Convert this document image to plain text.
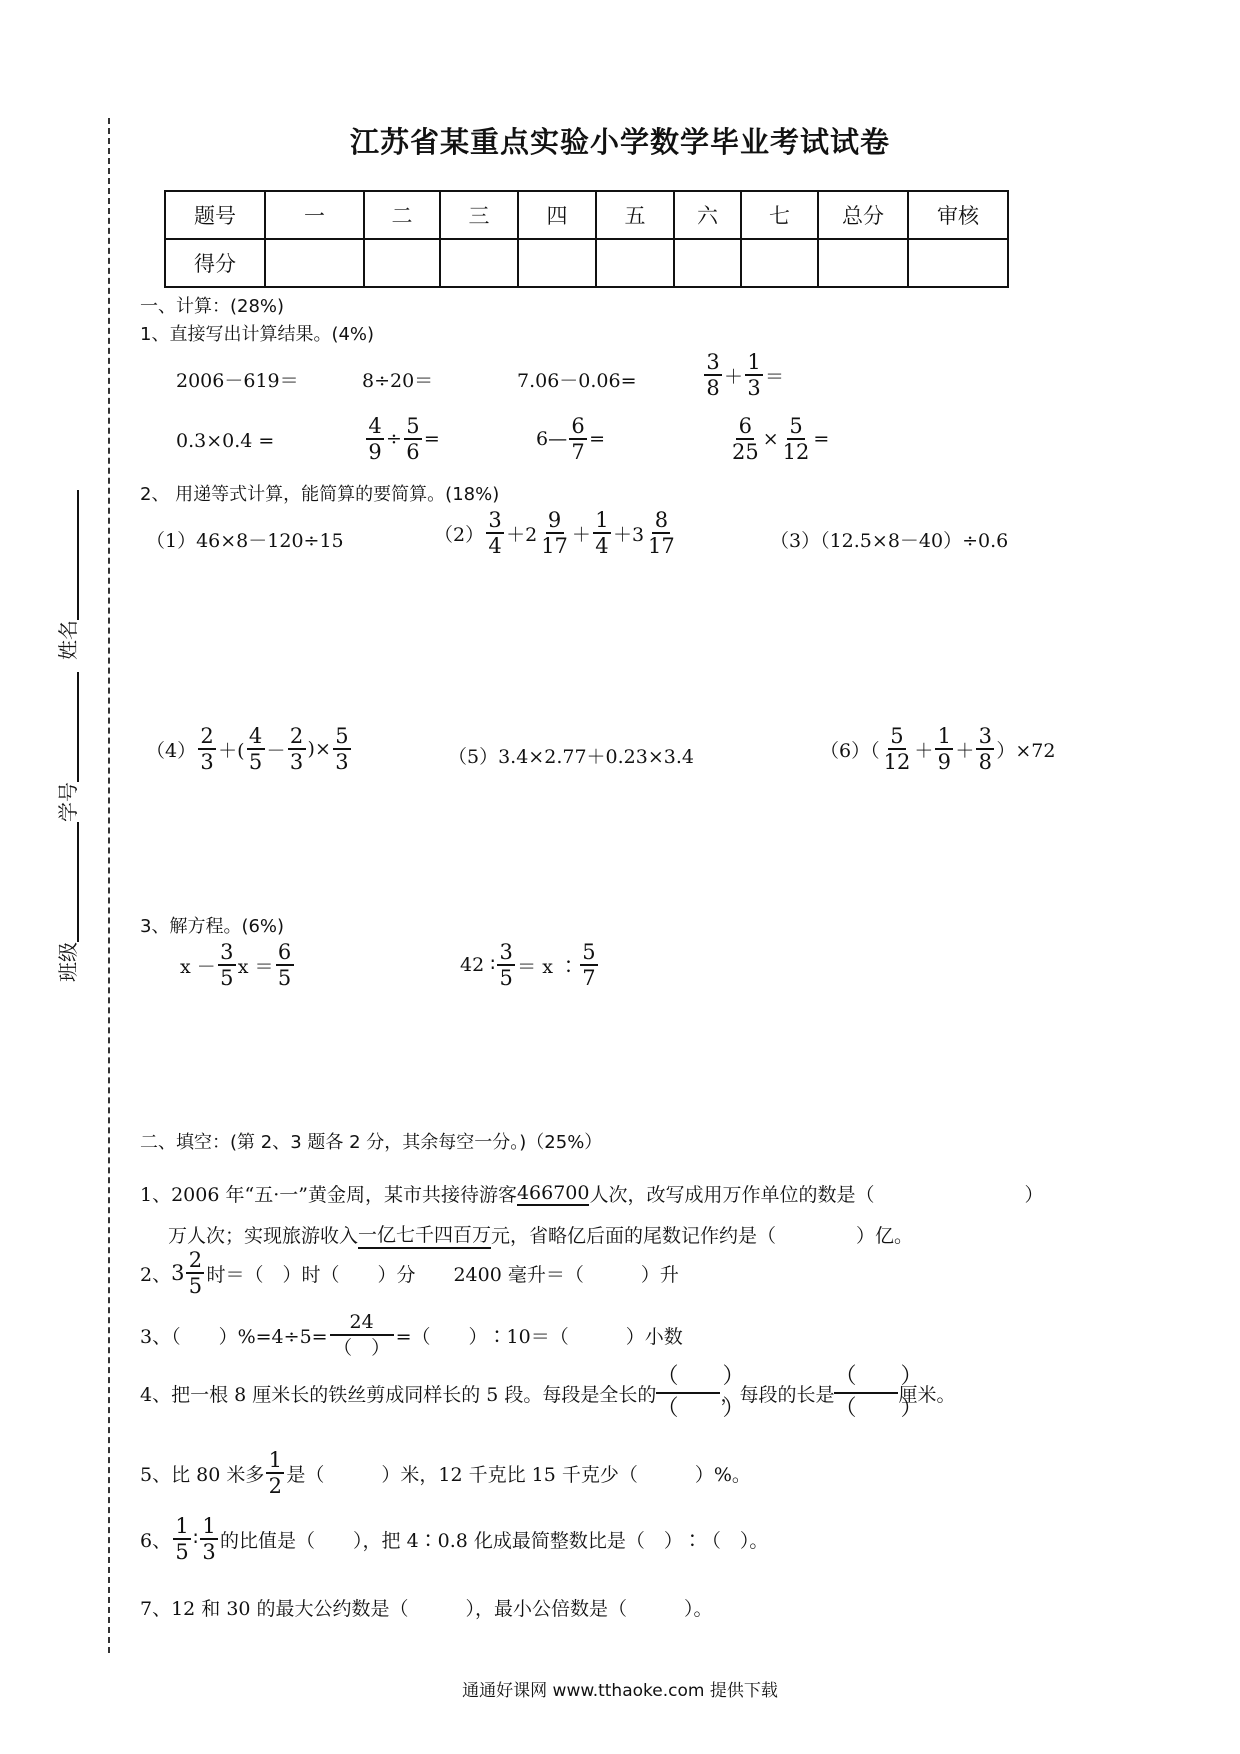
姓名
学号
班级
江苏省某重点实验小学数学毕业考试试卷
题号	一	二	三	四	五	六	七	总分	审核
得分									
一、计算：(28%)
1、直接写出计算结果。(4%)
2006－619＝	8÷20＝	7.06－0.06=	$\frac{3}{8} + \frac{1}{3}$ ＝
0.3×0.4 =	$\frac{4}{9} \div \frac{5}{6}$ =	6— $\frac{6}{7}$ =	$\frac{6}{25} \times \frac{5}{12}$ =
2、 用递等式计算，能简算的要简算。(18%)
（1）46×8－120÷15	$(2) \frac{3}{4} +2 \frac{9}{17} + \frac{1}{4} +3 \frac{8}{17}$	（3）（12.5×8－40）÷0.6
$(4) \frac{2}{3}$ ＋( $\frac{4}{5} - \frac{2}{3}$ )× $\frac{5}{3}$	（5）3.4×2.77＋0.23×3.4	$(6)( \frac{5}{12} + \frac{1}{9} + \frac{3}{8} )\times 72$
3、解方程。(6%)
$x - \frac{3}{5}$ $x = \frac{6}{5}$	42 ∶ $\frac{3}{5} = x$ ∶ $\frac{5}{7}$
二、填空：(第 2、3 题各 2 分，其余每空一分。)（25%）
1、2006 年“五·一”黄金周，某市共接待游客 466700 人次，改写成用万作单位的数是（	）
万人次；实现旅游收入 一亿七千四百万 元，省略亿后面的尾数记作约是（	）亿。
2、 $3 \frac{2}{5}$ 时＝（　）时（　　）分　　2400 毫升＝（　　　）升
3、（　　）$\%=4\div 5= \frac{24}{( )}$ =（　　）∶10＝（　　　）小数
4、把一根 8 厘米长的铁丝剪成同样长的 5 段。每段是全长的 $\frac{( )}{( )}$ ，每段的长是 $\frac{( )}{( )}$ 厘米。
5、比 80 米多 $\frac{1}{2}$ 是（　　　）米，12 千克比 15 千克少（　　　）%。
6、 $\frac{1}{5}$ ∶ $\frac{1}{3}$ 的比值是（　　），把 4∶0.8 化成最简整数比是（　）∶（　）。
7、12 和 30 的最大公约数是（　　　），最小公倍数是（　　　）。
通通好课网 www.tthaoke.com 提供下载
